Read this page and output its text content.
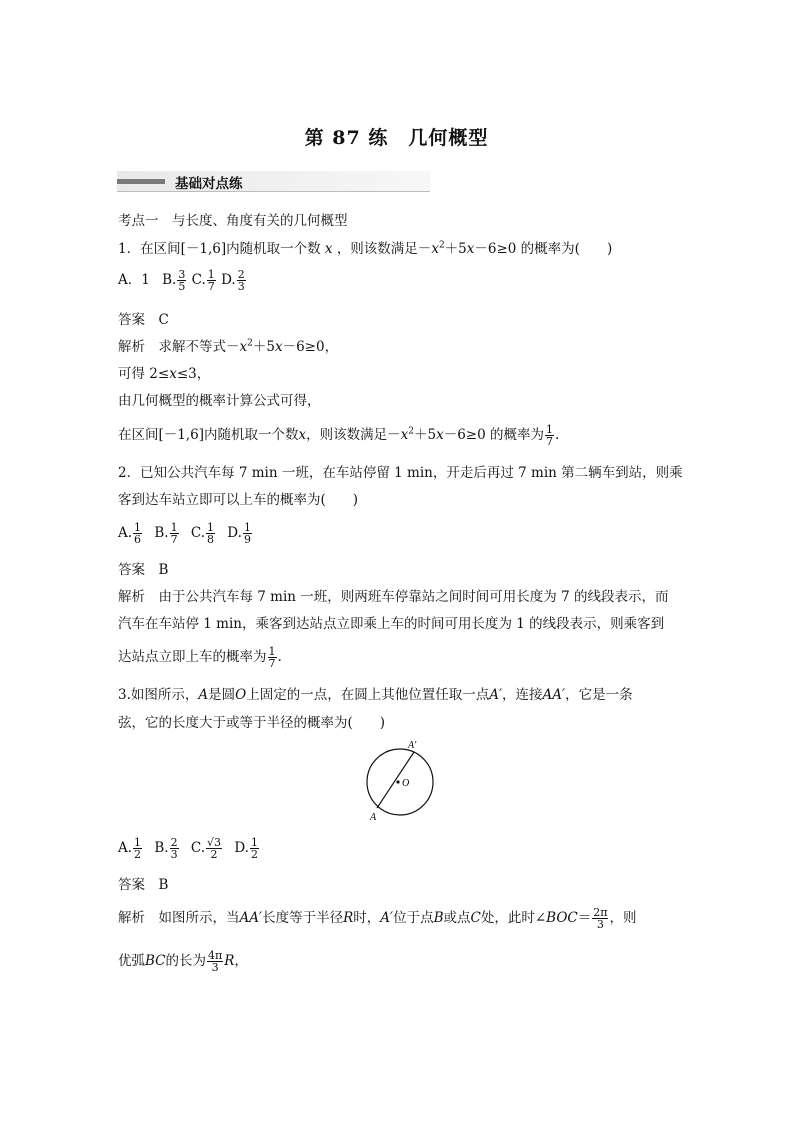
第 87 练　几何概型
基础对点练
考点一　与长度、角度有关的几何概型
1．在区间[－1,6]内随机取一个数 x ，则该数满足$-x^2+5x-6\ge 0$ 的概率为(　　)
A．1 B. $\frac{3}{5} C$. $\frac{1}{7} D$. $\frac{2}{3}$
答案　C
解析　求解不等式$-x^2+5x-6\ge 0$，
可得 2≤x≤3，
由几何概型的概率计算公式可得，
在区间[－1,6]内随机取一个数x，则该数满足$-x^2+5x-6\ge 0$ 的概率为 $\frac{1}{7}$ .
2．已知公共汽车每 7 min 一班，在车站停留 1 min，开走后再过 7 min 第二辆车到站，则乘
客到达车站立即可以上车的概率为(　　)
A. $\frac{1}{6} B$. $\frac{1}{7} C$. $\frac{1}{8} D$. $\frac{1}{9}$
答案　B
解析　由于公共汽车每 7 min 一班，则两班车停靠站之间时间可用长度为 7 的线段表示，而
汽车在车站停 1 min，乘客到达站点立即乘上车的时间可用长度为 1 的线段表示，则乘客到
达站点立即上车的概率为 $\frac{1}{7}$ .
3.如图所示，A是圆O上固定的一点，在圆上其他位置任取一点A′，连接AA′，它是一条
弦，它的长度大于或等于半径的概率为(　　)
A′
A
O
A. $\frac{1}{2} B$. $\frac{2}{3} C$. $\frac{√3}{2} D$. $\frac{1}{2}$
答案　B
解析　如图所示，当AA′长度等于半径R时，A′位于点B或点C处，此时∠BOC＝ $\frac{2\pi}{3}$ ，则
优弧BC的长为 $\frac{4\pi}{3}$ R，
